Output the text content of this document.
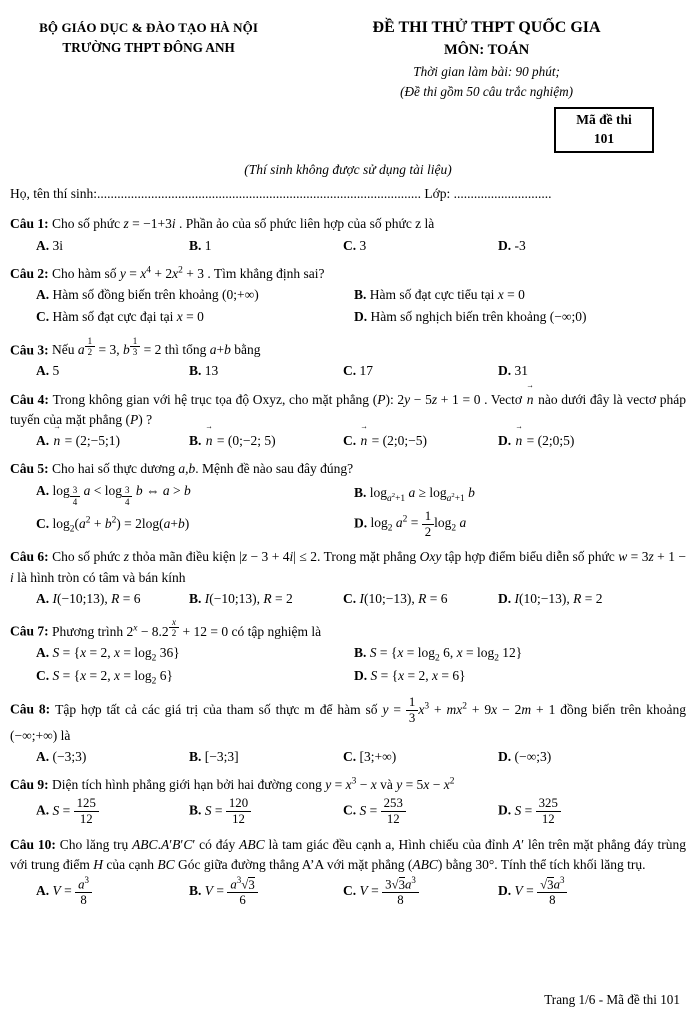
BỘ GIÁO DỤC & ĐÀO TẠO HÀ NỘI
TRƯỜNG THPT ĐÔNG ANH
ĐỀ THI THỬ THPT QUỐC GIA
MÔN: TOÁN
Thời gian làm bài: 90 phút;
(Đề thi gồm 50 câu trắc nghiệm)
Mã đề thi
101
(Thí sinh không được sử dụng tài liệu)
Họ, tên thí sinh:................................................................................................ Lớp: .............................
Câu 1: Cho số phức z = −1+3i . Phần ảo của số phức liên hợp của số phức z là
A. 3i	B. 1	C. 3	D. -3
Câu 2: Cho hàm số $y = x^4 + 2x^2 + 3$ . Tìm khẳng định sai?
A. Hàm số đồng biến trên khoảng (0;+∞)	B. Hàm số đạt cực tiểu tại x = 0
C. Hàm số đạt cực đại tại x = 0	D. Hàm số nghịch biến trên khoảng (−∞;0)
Câu 3: Nếu a $^{\frac{1}{2}}$ = 3, b $^{\frac{1}{3}}$ = 2 thì tổng a+b bằng
A. 5	B. 13	C. 17	D. 31
Câu 4: Trong không gian với hệ trục tọa độ Oxyz, cho mặt phẳng (P): 2y − 5z + 1 = 0 . Vectơ → n nào dưới đây là vectơ pháp tuyến của mặt phẳng (P) ?
A. → n = (2;−5;1)	B. → n = (0;−2; 5)	C. → n = (2;0;−5)	D. → n = (2;0;5)
Câu 5: Cho hai số thực dương a,b. Mệnh đề nào sau đây đúng?
A. log $_{\frac{3}{4}}$ a < log $_{\frac{3}{4}}$ b ⇔ a > b	B. $\log_{a^2+1} a \ge \log_{a^2+1} b$
C. $\log_2(a^2 + b^2) = 2\log(a+b)$	D. $\log_2 a^2 = \frac{1}{2} \log_2 a$
Câu 6: Cho số phức z thỏa mãn điều kiện |z − 3 + 4i| ≤ 2. Trong mặt phẳng Oxy tập hợp điểm biểu diễn số phức w = 3z + 1 − i là hình tròn có tâm và bán kính
A. I(−10;13), R = 6	B. I(−10;13), R = 2	C. I(10;−13), R = 6	D. I(10;−13), R = 2
Câu 7: Phương trình $2^x - 8.2$ $^{\frac{x}{2}}$ + 12 = 0 có tập nghiệm là
A. S = {x = 2, $x = \log_2 36$}	B. $S = \{x = \log_2 6$, $x = \log_2 12$}
C. S = {x = 2, $x = \log_2 6$}	D. S = {x = 2, x = 6}
Câu 8: Tập hợp tất cả các giá trị của tham số thực m để hàm số $y = \frac{1}{3} x^3 + mx^2 + 9x - 2m + 1$ đồng biến trên khoảng (−∞;+∞) là
A. (−3;3)	B. [−3;3]	C. [3;+∞)	D. (−∞;3)
Câu 9: Diện tích hình phẳng giới hạn bởi hai đường cong $y = x^3 - x$ và $y = 5x - x^2$
A. $S = \frac{125}{12}$	B. $S = \frac{120}{12}$	C. $S = \frac{253}{12}$	D. $S = \frac{325}{12}$
Câu 10: Cho lăng trụ ABC.A′B′C′ có đáy ABC là tam giác đều cạnh a, Hình chiếu của đỉnh A′ lên trên mặt phẳng đáy trùng với trung điểm H của cạnh BC Góc giữa đường thẳng A’A với mặt phẳng (ABC) bằng 30°. Tính thể tích khối lăng trụ.
A. $V = \frac{a^3}{8}$	B. $V = \frac{a^3√3}{6}$	C. $V = \frac{3√3a^3}{8}$	D. $V = \frac{√3a^3}{8}$
Trang 1/6 - Mã đề thi 101
